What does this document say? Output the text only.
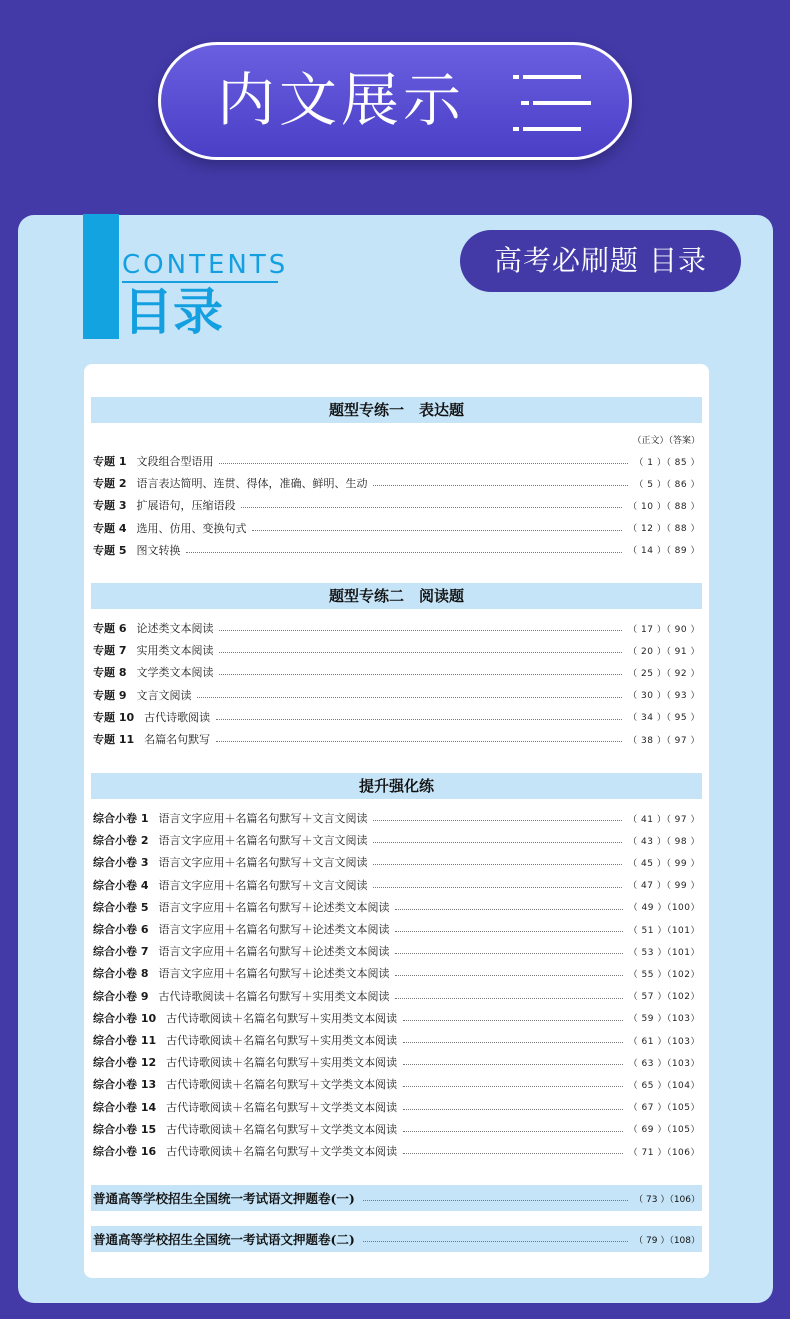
内文展示
CONTENTS
目录
高考必刷题 目录
题型专练一　表达题
专题 1 文段组合型语用	（ 1 ）（ 85 ）
专题 2 语言表达简明、连贯、得体，准确、鲜明、生动	（ 5 ）（ 86 ）
专题 3 扩展语句，压缩语段	（ 10 ）（ 88 ）
专题 4 选用、仿用、变换句式	（ 12 ）（ 88 ）
专题 5 图文转换	（ 14 ）（ 89 ）
题型专练二　阅读题
专题 6 论述类文本阅读	（ 17 ）（ 90 ）
专题 7 实用类文本阅读	（ 20 ）（ 91 ）
专题 8 文学类文本阅读	（ 25 ）（ 92 ）
专题 9 文言文阅读	（ 30 ）（ 93 ）
专题 10 古代诗歌阅读	（ 34 ）（ 95 ）
专题 11 名篇名句默写	（ 38 ）（ 97 ）
提升强化练
综合小卷 1 语言文字应用＋名篇名句默写＋文言文阅读	（ 41 ）（ 97 ）
综合小卷 2 语言文字应用＋名篇名句默写＋文言文阅读	（ 43 ）（ 98 ）
综合小卷 3 语言文字应用＋名篇名句默写＋文言文阅读	（ 45 ）（ 99 ）
综合小卷 4 语言文字应用＋名篇名句默写＋文言文阅读	（ 47 ）（ 99 ）
综合小卷 5 语言文字应用＋名篇名句默写＋论述类文本阅读	（ 49 ）（100）
综合小卷 6 语言文字应用＋名篇名句默写＋论述类文本阅读	（ 51 ）（101）
综合小卷 7 语言文字应用＋名篇名句默写＋论述类文本阅读	（ 53 ）（101）
综合小卷 8 语言文字应用＋名篇名句默写＋论述类文本阅读	（ 55 ）（102）
综合小卷 9 古代诗歌阅读＋名篇名句默写＋实用类文本阅读	（ 57 ）（102）
综合小卷 10 古代诗歌阅读＋名篇名句默写＋实用类文本阅读	（ 59 ）（103）
综合小卷 11 古代诗歌阅读＋名篇名句默写＋实用类文本阅读	（ 61 ）（103）
综合小卷 12 古代诗歌阅读＋名篇名句默写＋实用类文本阅读	（ 63 ）（103）
综合小卷 13 古代诗歌阅读＋名篇名句默写＋文学类文本阅读	（ 65 ）（104）
综合小卷 14 古代诗歌阅读＋名篇名句默写＋文学类文本阅读	（ 67 ）（105）
综合小卷 15 古代诗歌阅读＋名篇名句默写＋文学类文本阅读	（ 69 ）（105）
综合小卷 16 古代诗歌阅读＋名篇名句默写＋文学类文本阅读	（ 71 ）（106）
（正文）（答案）
普通高等学校招生全国统一考试语文押题卷(一)	（ 73 ）（106）
普通高等学校招生全国统一考试语文押题卷(二)	（ 79 ）（108）
